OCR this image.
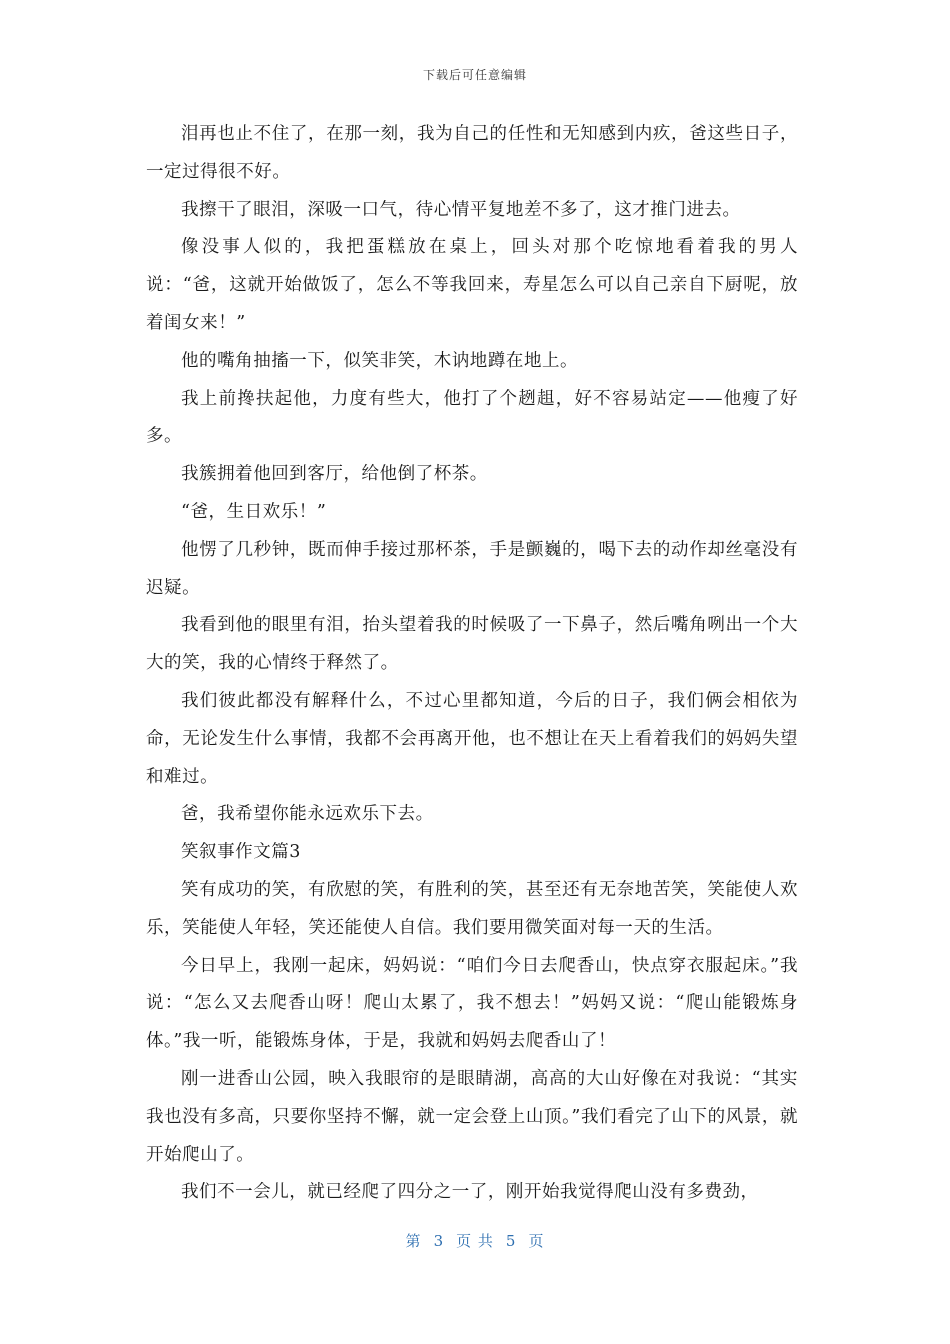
下载后可任意编辑

泪再也止不住了，在那一刻，我为自己的任性和无知感到内疚，爸这些日子，一定过得很不好。

我擦干了眼泪，深吸一口气，待心情平复地差不多了，这才推门进去。

像没事人似的，我把蛋糕放在桌上，回头对那个吃惊地看着我的男人说：“爸，这就开始做饭了，怎么不等我回来，寿星怎么可以自己亲自下厨呢，放着闺女来！”

他的嘴角抽搐一下，似笑非笑，木讷地蹲在地上。

我上前搀扶起他，力度有些大，他打了个趔趄，好不容易站定——他瘦了好多。

我簇拥着他回到客厅，给他倒了杯茶。

“爸，生日欢乐！”

他愣了几秒钟，既而伸手接过那杯茶，手是颤巍的，喝下去的动作却丝毫没有迟疑。

我看到他的眼里有泪，抬头望着我的时候吸了一下鼻子，然后嘴角咧出一个大大的笑，我的心情终于释然了。

我们彼此都没有解释什么，不过心里都知道，今后的日子，我们俩会相依为命，无论发生什么事情，我都不会再离开他，也不想让在天上看着我们的妈妈失望和难过。

爸，我希望你能永远欢乐下去。

笑叙事作文篇3

笑有成功的笑，有欣慰的笑，有胜利的笑，甚至还有无奈地苦笑，笑能使人欢乐，笑能使人年轻，笑还能使人自信。我们要用微笑面对每一天的生活。

今日早上，我刚一起床，妈妈说：“咱们今日去爬香山，快点穿衣服起床。”我说：“怎么又去爬香山呀！爬山太累了，我不想去！”妈妈又说：“爬山能锻炼身体。”我一听，能锻炼身体，于是，我就和妈妈去爬香山了！

刚一进香山公园，映入我眼帘的是眼睛湖，高高的大山好像在对我说：“其实我也没有多高，只要你坚持不懈，就一定会登上山顶。”我们看完了山下的风景，就开始爬山了。

我们不一会儿，就已经爬了四分之一了，刚开始我觉得爬山没有多费劲，

第 3 页 共 5 页
